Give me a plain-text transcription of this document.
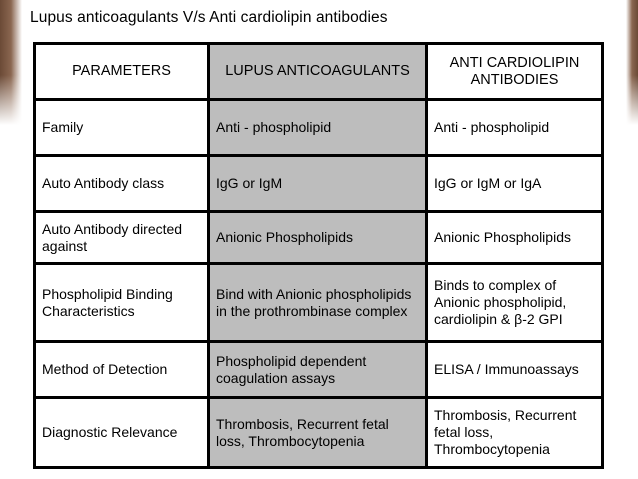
Lupus anticoagulants V/s Anti cardiolipin antibodies
PARAMETERS	LUPUS ANTICOAGULANTS	ANTI CARDIOLIPIN ANTIBODIES
Family	Anti - phospholipid	Anti - phospholipid
Auto Antibody class	IgG or IgM	IgG or IgM or IgA
Auto Antibody directed against	Anionic Phospholipids	Anionic Phospholipids
Phospholipid Binding Characteristics	Bind with Anionic phospholipids in the prothrombinase complex	Binds to complex of Anionic phospholipid, cardiolipin & β-2 GPI
Method of Detection	Phospholipid dependent coagulation assays	ELISA / Immunoassays
Diagnostic Relevance	Thrombosis, Recurrent fetal loss, Thrombocytopenia	Thrombosis, Recurrent fetal loss, Thrombocytopenia
